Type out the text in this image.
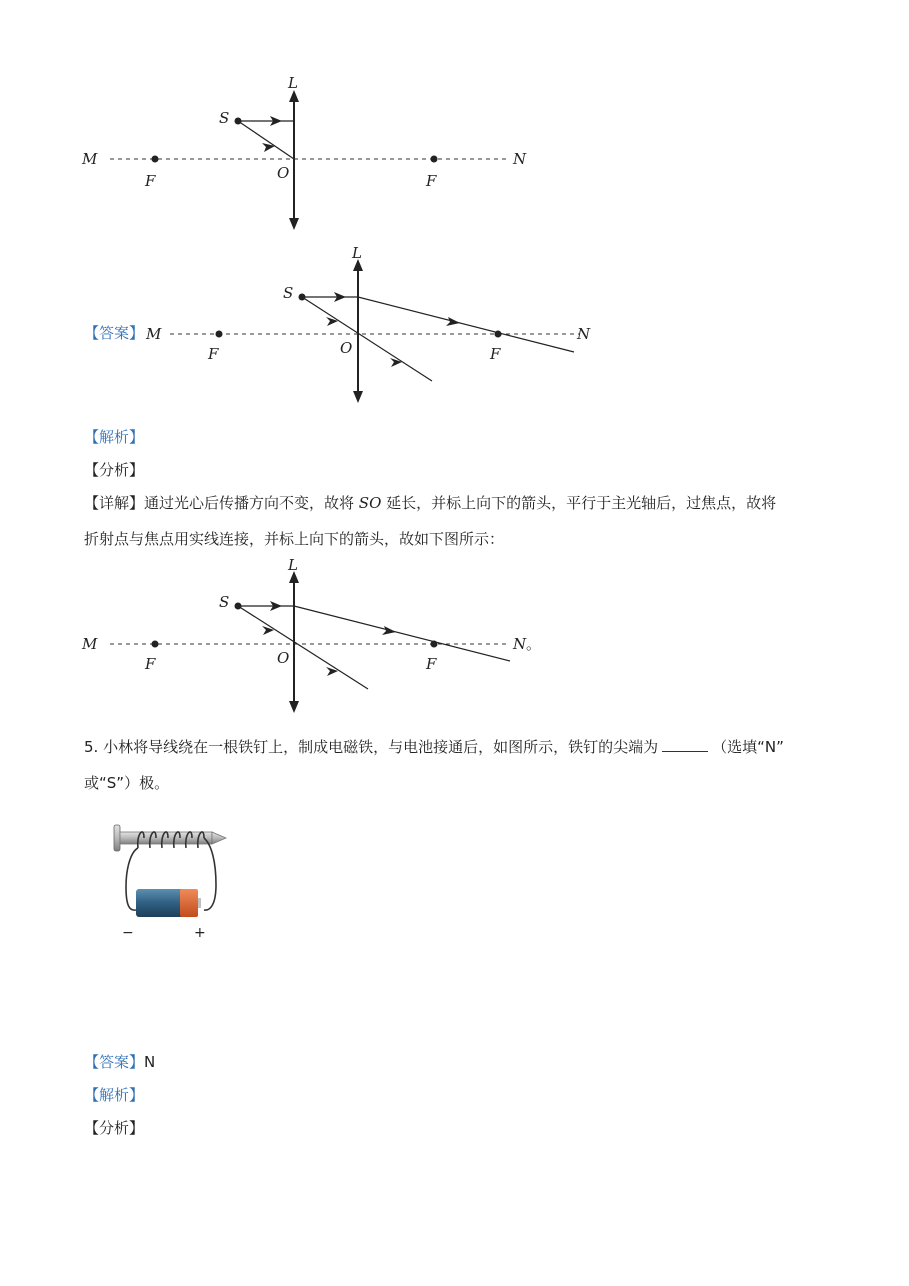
L
S
M	N
F	O	F
【答案】
L
S
M	N
F	O	F
【解析】
【分析】
【详解】通过光心后传播方向不变，故将 SO 延长，并标上向下的箭头，平行于主光轴后，过焦点，故将
折射点与焦点用实线连接，并标上向下的箭头，故如下图所示：
L
S
M	N 。
F	O	F
5. 小林将导线绕在一根铁钉上，制成电磁铁，与电池接通后，如图所示，铁钉的尖端为	（选填“N”
或“S”）极。
−	+
【答案】N
【解析】
【分析】
